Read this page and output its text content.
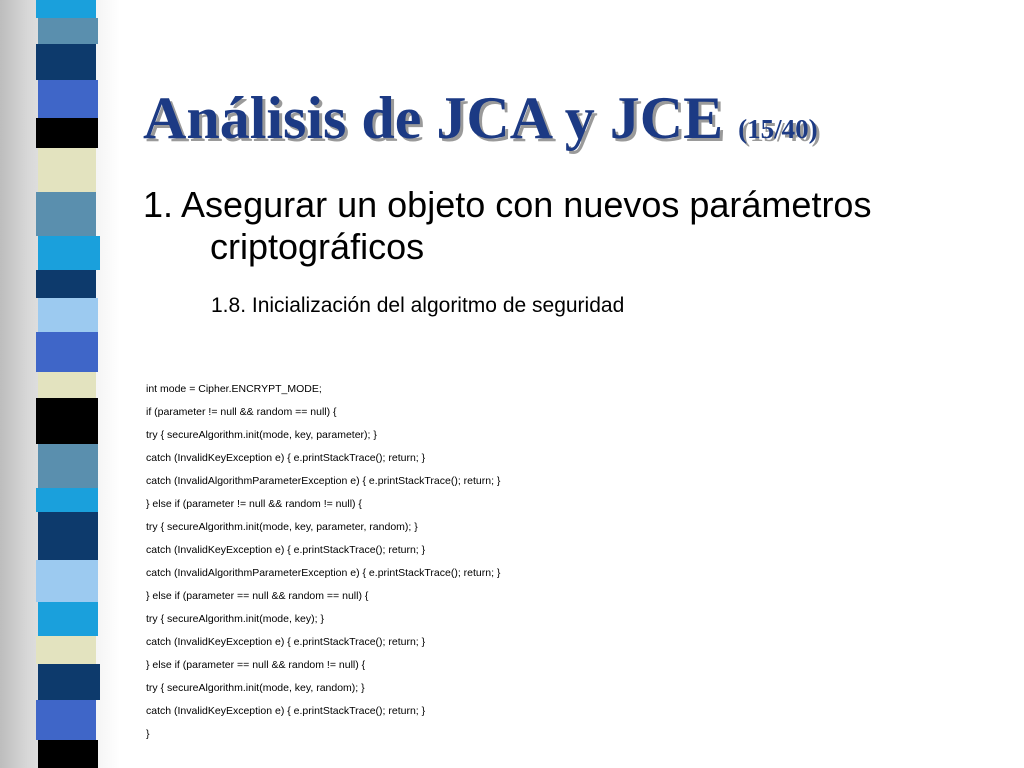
Análisis de JCA y JCE (15/40)
1. Asegurar un objeto con nuevos parámetros criptográficos
1.8. Inicialización del algoritmo de seguridad
int mode = Cipher.ENCRYPT_MODE;
if (parameter != null && random == null) {
try { secureAlgorithm.init(mode, key, parameter); }
catch (InvalidKeyException e) { e.printStackTrace(); return; }
catch (InvalidAlgorithmParameterException e) { e.printStackTrace(); return; }
} else if (parameter != null && random != null) {
try { secureAlgorithm.init(mode, key, parameter, random); }
catch (InvalidKeyException e) { e.printStackTrace(); return; }
catch (InvalidAlgorithmParameterException e) { e.printStackTrace(); return; }
} else if (parameter == null && random == null) {
try { secureAlgorithm.init(mode, key); }
catch (InvalidKeyException e) { e.printStackTrace(); return; }
} else if (parameter == null && random != null) {
try { secureAlgorithm.init(mode, key, random); }
catch (InvalidKeyException e) { e.printStackTrace(); return; }
}
